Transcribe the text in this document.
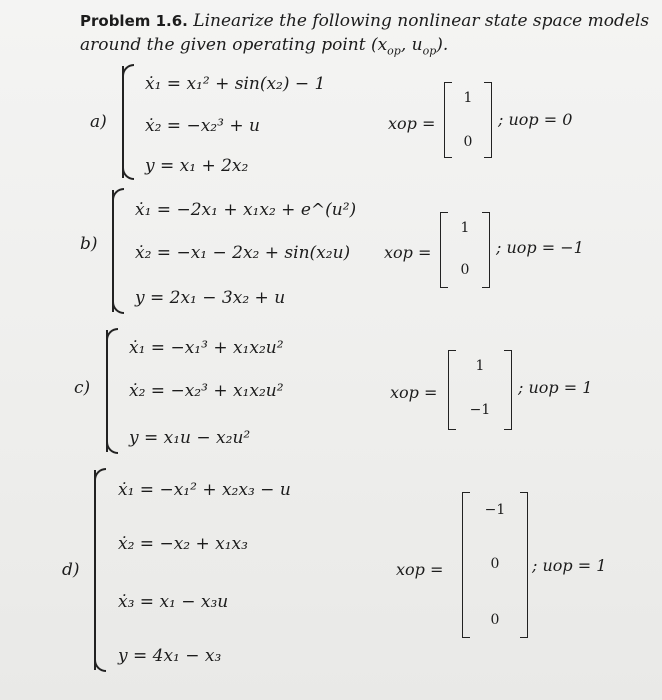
Problem 1.6. Linearize the following nonlinear state space models
around the given operating point ($x_{op}$, $u_{op}$).
a)
ẋ₁ = x₁² + sin(x₂) − 1
ẋ₂ = −x₂³ + u
y = x₁ + 2x₂
xop =
1
0
; uop = 0
b)
ẋ₁ = −2x₁ + x₁x₂ + e^(u²)
ẋ₂ = −x₁ − 2x₂ + sin(x₂u)
y = 2x₁ − 3x₂ + u
xop =
1
0
; uop = −1
c)
ẋ₁ = −x₁³ + x₁x₂u²
ẋ₂ = −x₂³ + x₁x₂u²
y = x₁u − x₂u²
xop =
1
−1
; uop = 1
d)
ẋ₁ = −x₁² + x₂x₃ − u
ẋ₂ = −x₂ + x₁x₃
ẋ₃ = x₁ − x₃u
y = 4x₁ − x₃
xop =
−1
0
0
; uop = 1
